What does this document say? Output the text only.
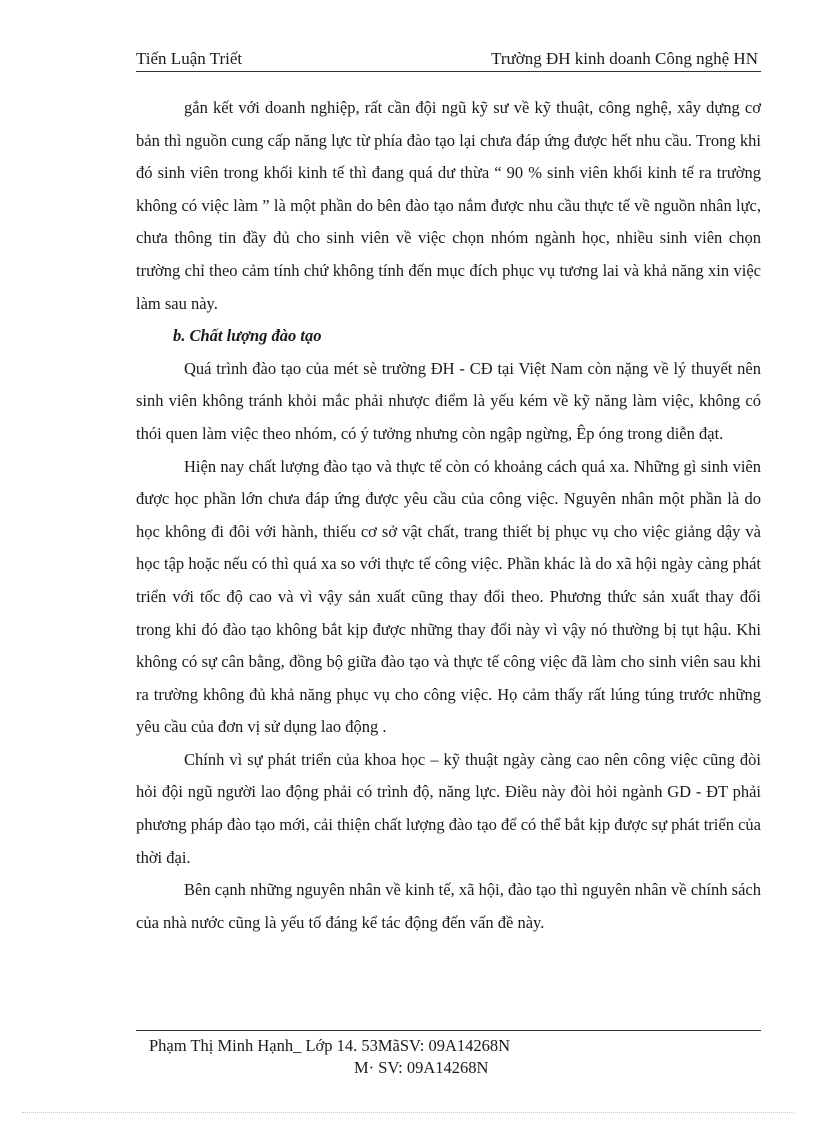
Tiến Luận Triết	Trường ĐH kinh doanh Công nghệ HN

gắn kết với doanh nghiệp, rất cần đội ngũ kỹ sư về kỹ thuật, công nghệ, xây dựng cơ bản thì nguồn cung cấp năng lực từ phía đào tạo lại chưa đáp ứng được hết nhu cầu. Trong khi đó sinh viên trong khối kinh tế thì đang quá dư thừa “ 90 % sinh viên khối kinh tế ra trường không có việc làm ” là một phần do bên đào tạo nắm được nhu cầu thực tế về nguồn nhân lực, chưa thông tin đầy đủ cho sinh viên về việc chọn nhóm ngành học, nhiều sinh viên chọn trường chỉ theo cảm tính chứ không tính đến mục đích phục vụ tương lai và khả năng xin việc làm sau này.

b. Chất lượng đào tạo

Quá trình đào tạo của mét sè trường ĐH - CĐ tại Việt Nam còn nặng về lý thuyết nên sinh viên không tránh khỏi mắc phải nhược điểm là yếu kém về kỹ năng làm việc, không có thói quen làm việc theo nhóm, có ý tưởng nhưng còn ngập ngừng, Êp óng trong diễn đạt.

Hiện nay chất lượng đào tạo và thực tế còn có khoảng cách quá xa. Những gì sinh viên được học phần lớn chưa đáp ứng được yêu cầu của công việc. Nguyên nhân một phần là do học không đi đôi với hành, thiếu cơ sở vật chất, trang thiết bị phục vụ cho việc giảng dậy và học tập hoặc nếu có thì quá xa so với thực tế công việc. Phần khác là do xã hội ngày càng phát triển với tốc độ cao và vì vậy sản xuất cũng thay đổi theo. Phương thức sản xuất thay đổi trong khi đó đào tạo không bắt kịp được những thay đổi này vì vậy nó thường bị tụt hậu. Khi không có sự cân bằng, đồng bộ giữa đào tạo và thực tế công việc đã làm cho sinh viên sau khi ra trường không đủ khả năng phục vụ cho công việc. Họ cảm thấy rất lúng túng trước những yêu cầu của đơn vị sử dụng lao động .

Chính vì sự phát triển của khoa học – kỹ thuật ngày càng cao nên công việc cũng đòi hỏi đội ngũ người lao động phải có trình độ, năng lực. Điều này đòi hỏi ngành GD - ĐT phải phương pháp đào tạo mới, cải thiện chất lượng đào tạo để có thể bắt kịp được sự phát triển của thời đại.

Bên cạnh những nguyên nhân về kinh tế, xã hội, đào tạo thì nguyên nhân về chính sách của nhà nước cũng là yếu tố đáng kể tác động đến vấn đề này.

Phạm Thị Minh Hạnh_ Lớp 14. 53MãSV: 09A14268N
M· SV: 09A14268N
